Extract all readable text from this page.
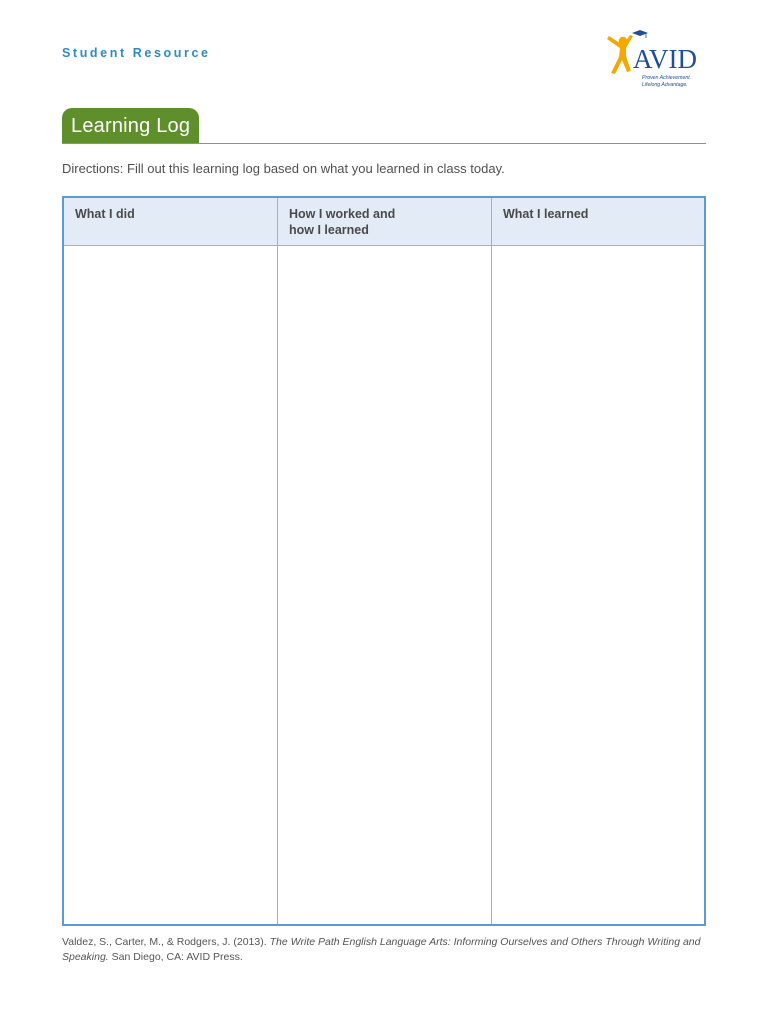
Student Resource	AVID
Proven Achievement.
Lifelong Advantage.
Learning Log
Directions: Fill out this learning log based on what you learned in class today.
What I did	How I worked and
how I learned
What I learned
Valdez, S., Carter, M., & Rodgers, J. (2013). The Write Path English Language Arts: Informing Ourselves and Others Through Writing and Speaking. San Diego, CA: AVID Press.
